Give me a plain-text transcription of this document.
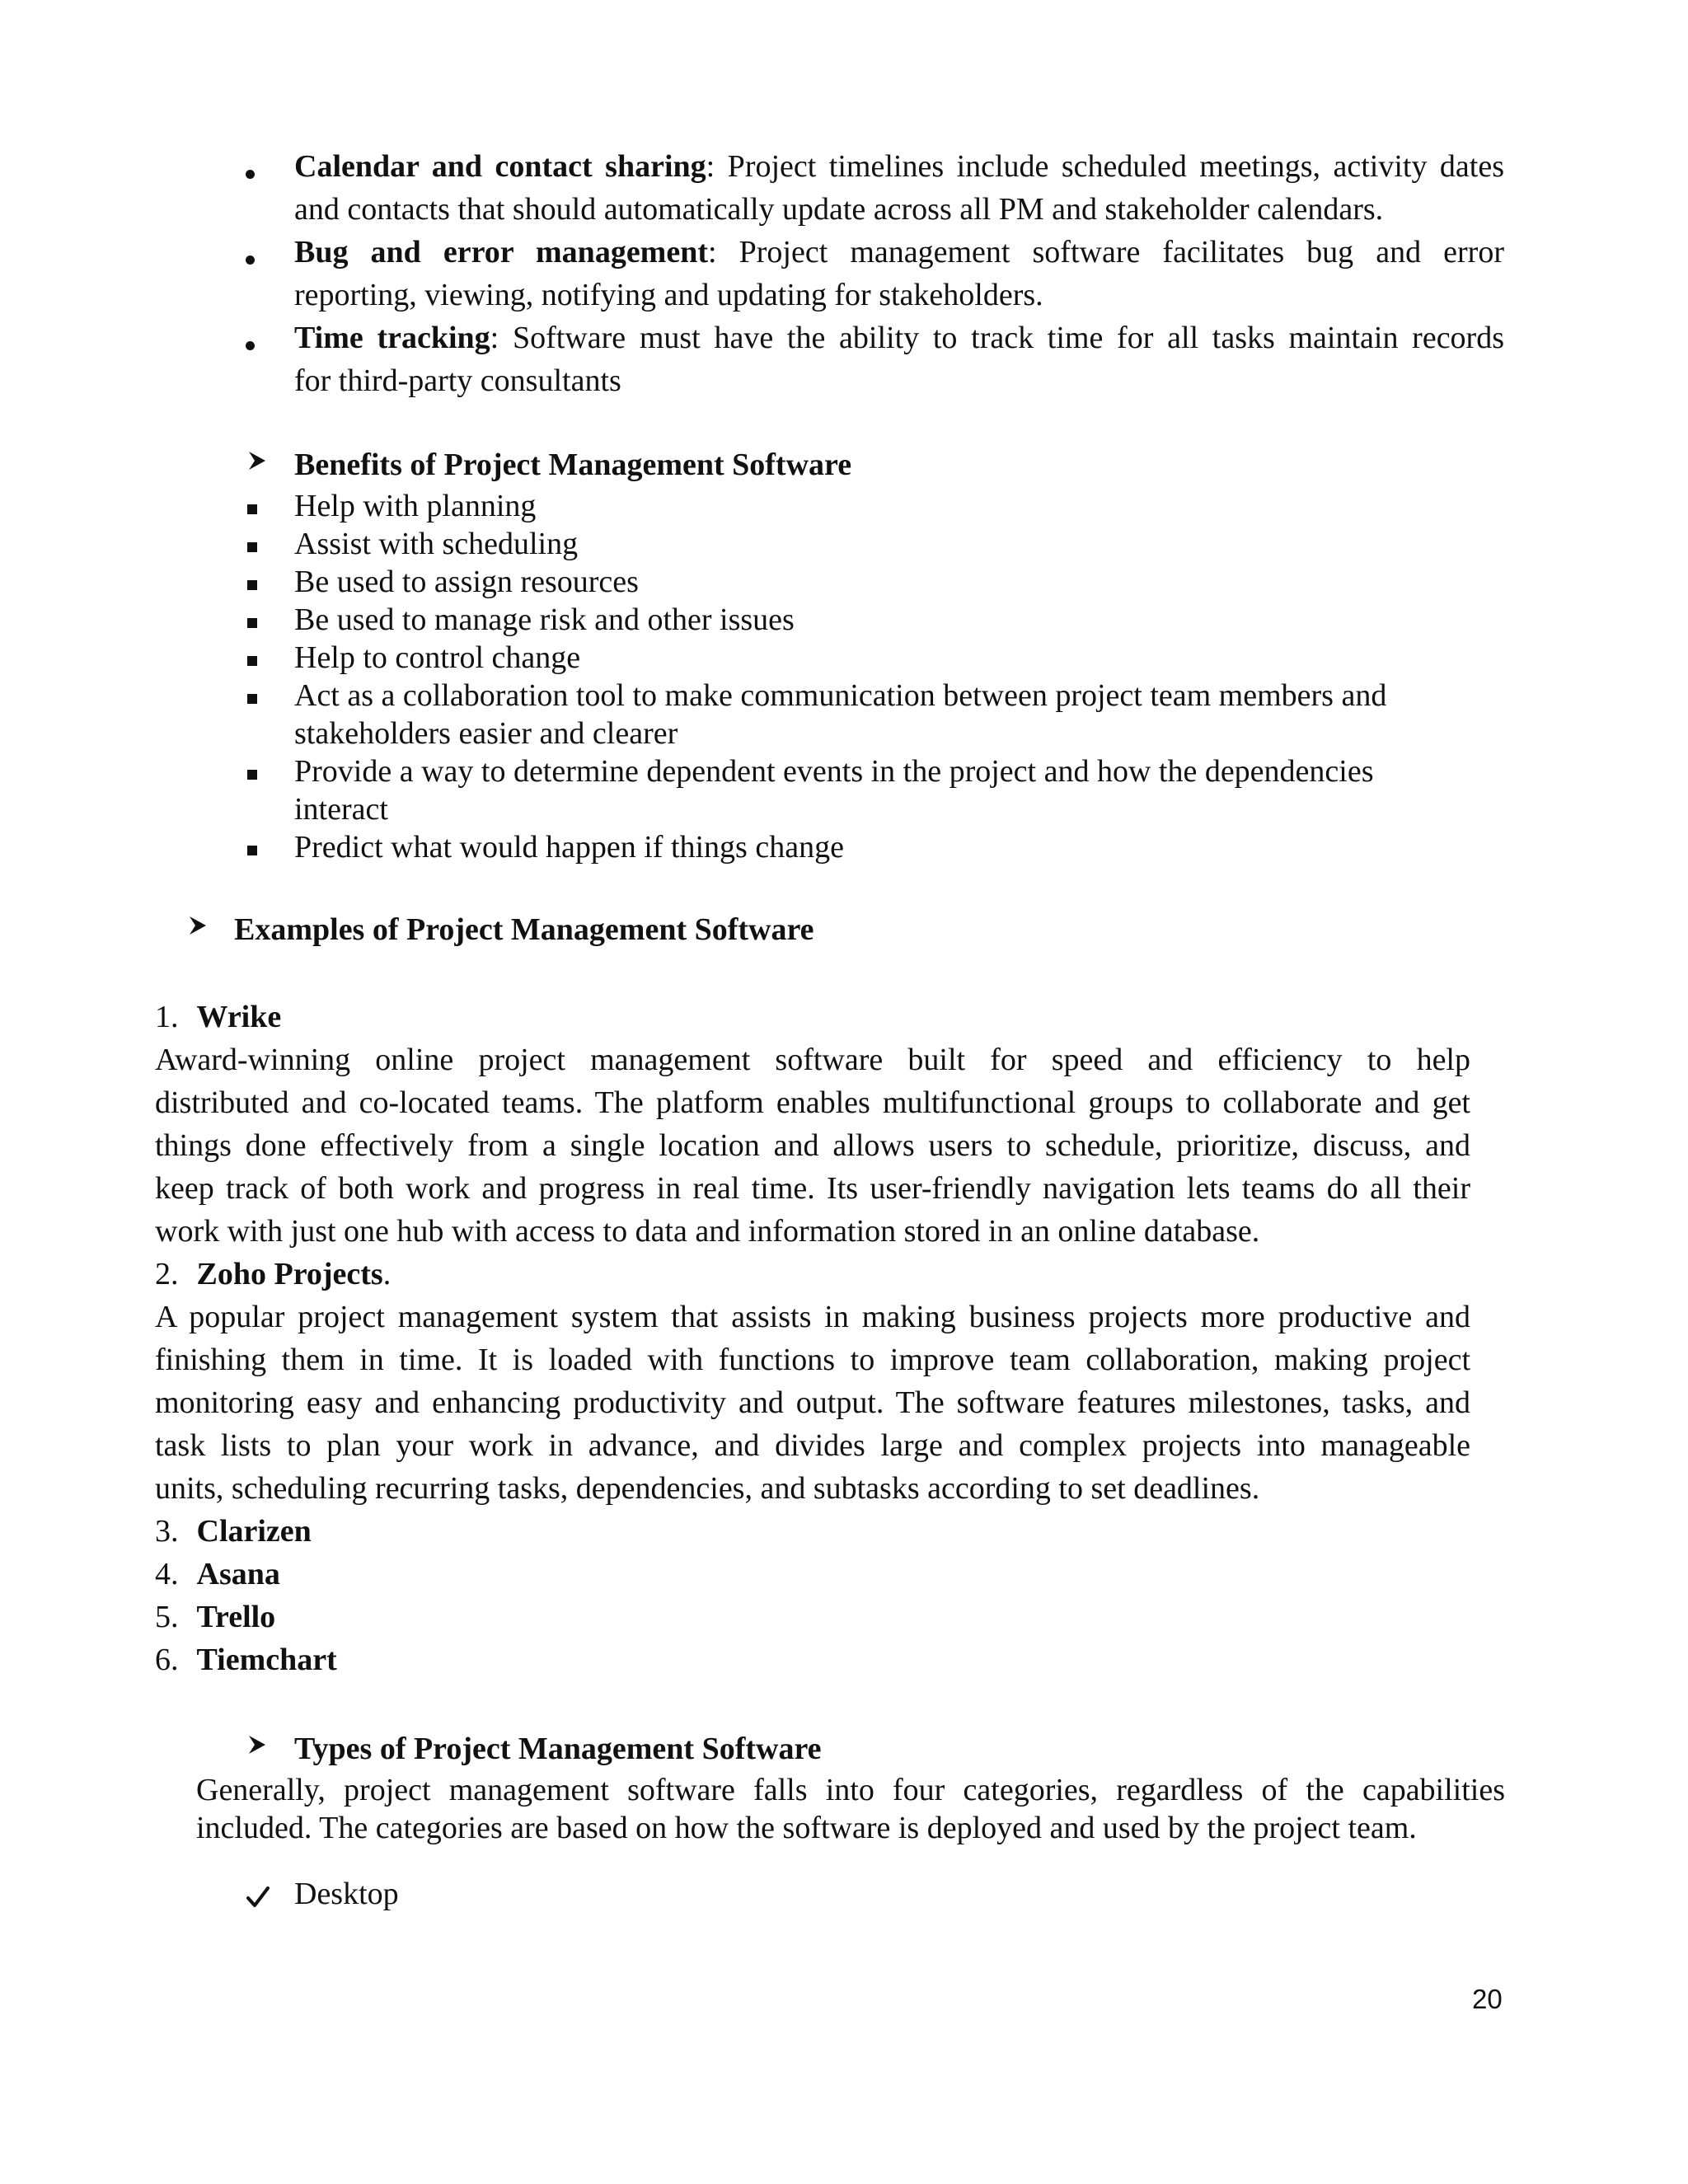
Calendar and contact sharing: Project timelines include scheduled meetings, activity dates
and contacts that should automatically update across all PM and stakeholder calendars.
Bug and error management: Project management software facilitates bug and error
reporting, viewing, notifying and updating for stakeholders.
Time tracking: Software must have the ability to track time for all tasks maintain records
for third-party consultants
Benefits of Project Management Software
Help with planning
Assist with scheduling
Be used to assign resources
Be used to manage risk and other issues
Help to control change
Act as a collaboration tool to make communication between project team members and
stakeholders easier and clearer
Provide a way to determine dependent events in the project and how the dependencies
interact
Predict what would happen if things change
Examples of Project Management Software
1. Wrike
Award-winning online project management software built for speed and efficiency to help
distributed and co-located teams. The platform enables multifunctional groups to collaborate and get
things done effectively from a single location and allows users to schedule, prioritize, discuss, and
keep track of both work and progress in real time. Its user-friendly navigation lets teams do all their
work with just one hub with access to data and information stored in an online database.
2. Zoho Projects.
A popular project management system that assists in making business projects more productive and
finishing them in time. It is loaded with functions to improve team collaboration, making project
monitoring easy and enhancing productivity and output. The software features milestones, tasks, and
task lists to plan your work in advance, and divides large and complex projects into manageable
units, scheduling recurring tasks, dependencies, and subtasks according to set deadlines.
3. Clarizen
4. Asana
5. Trello
6. Tiemchart
Types of Project Management Software
Generally, project management software falls into four categories, regardless of the capabilities
included. The categories are based on how the software is deployed and used by the project team.
Desktop
20
